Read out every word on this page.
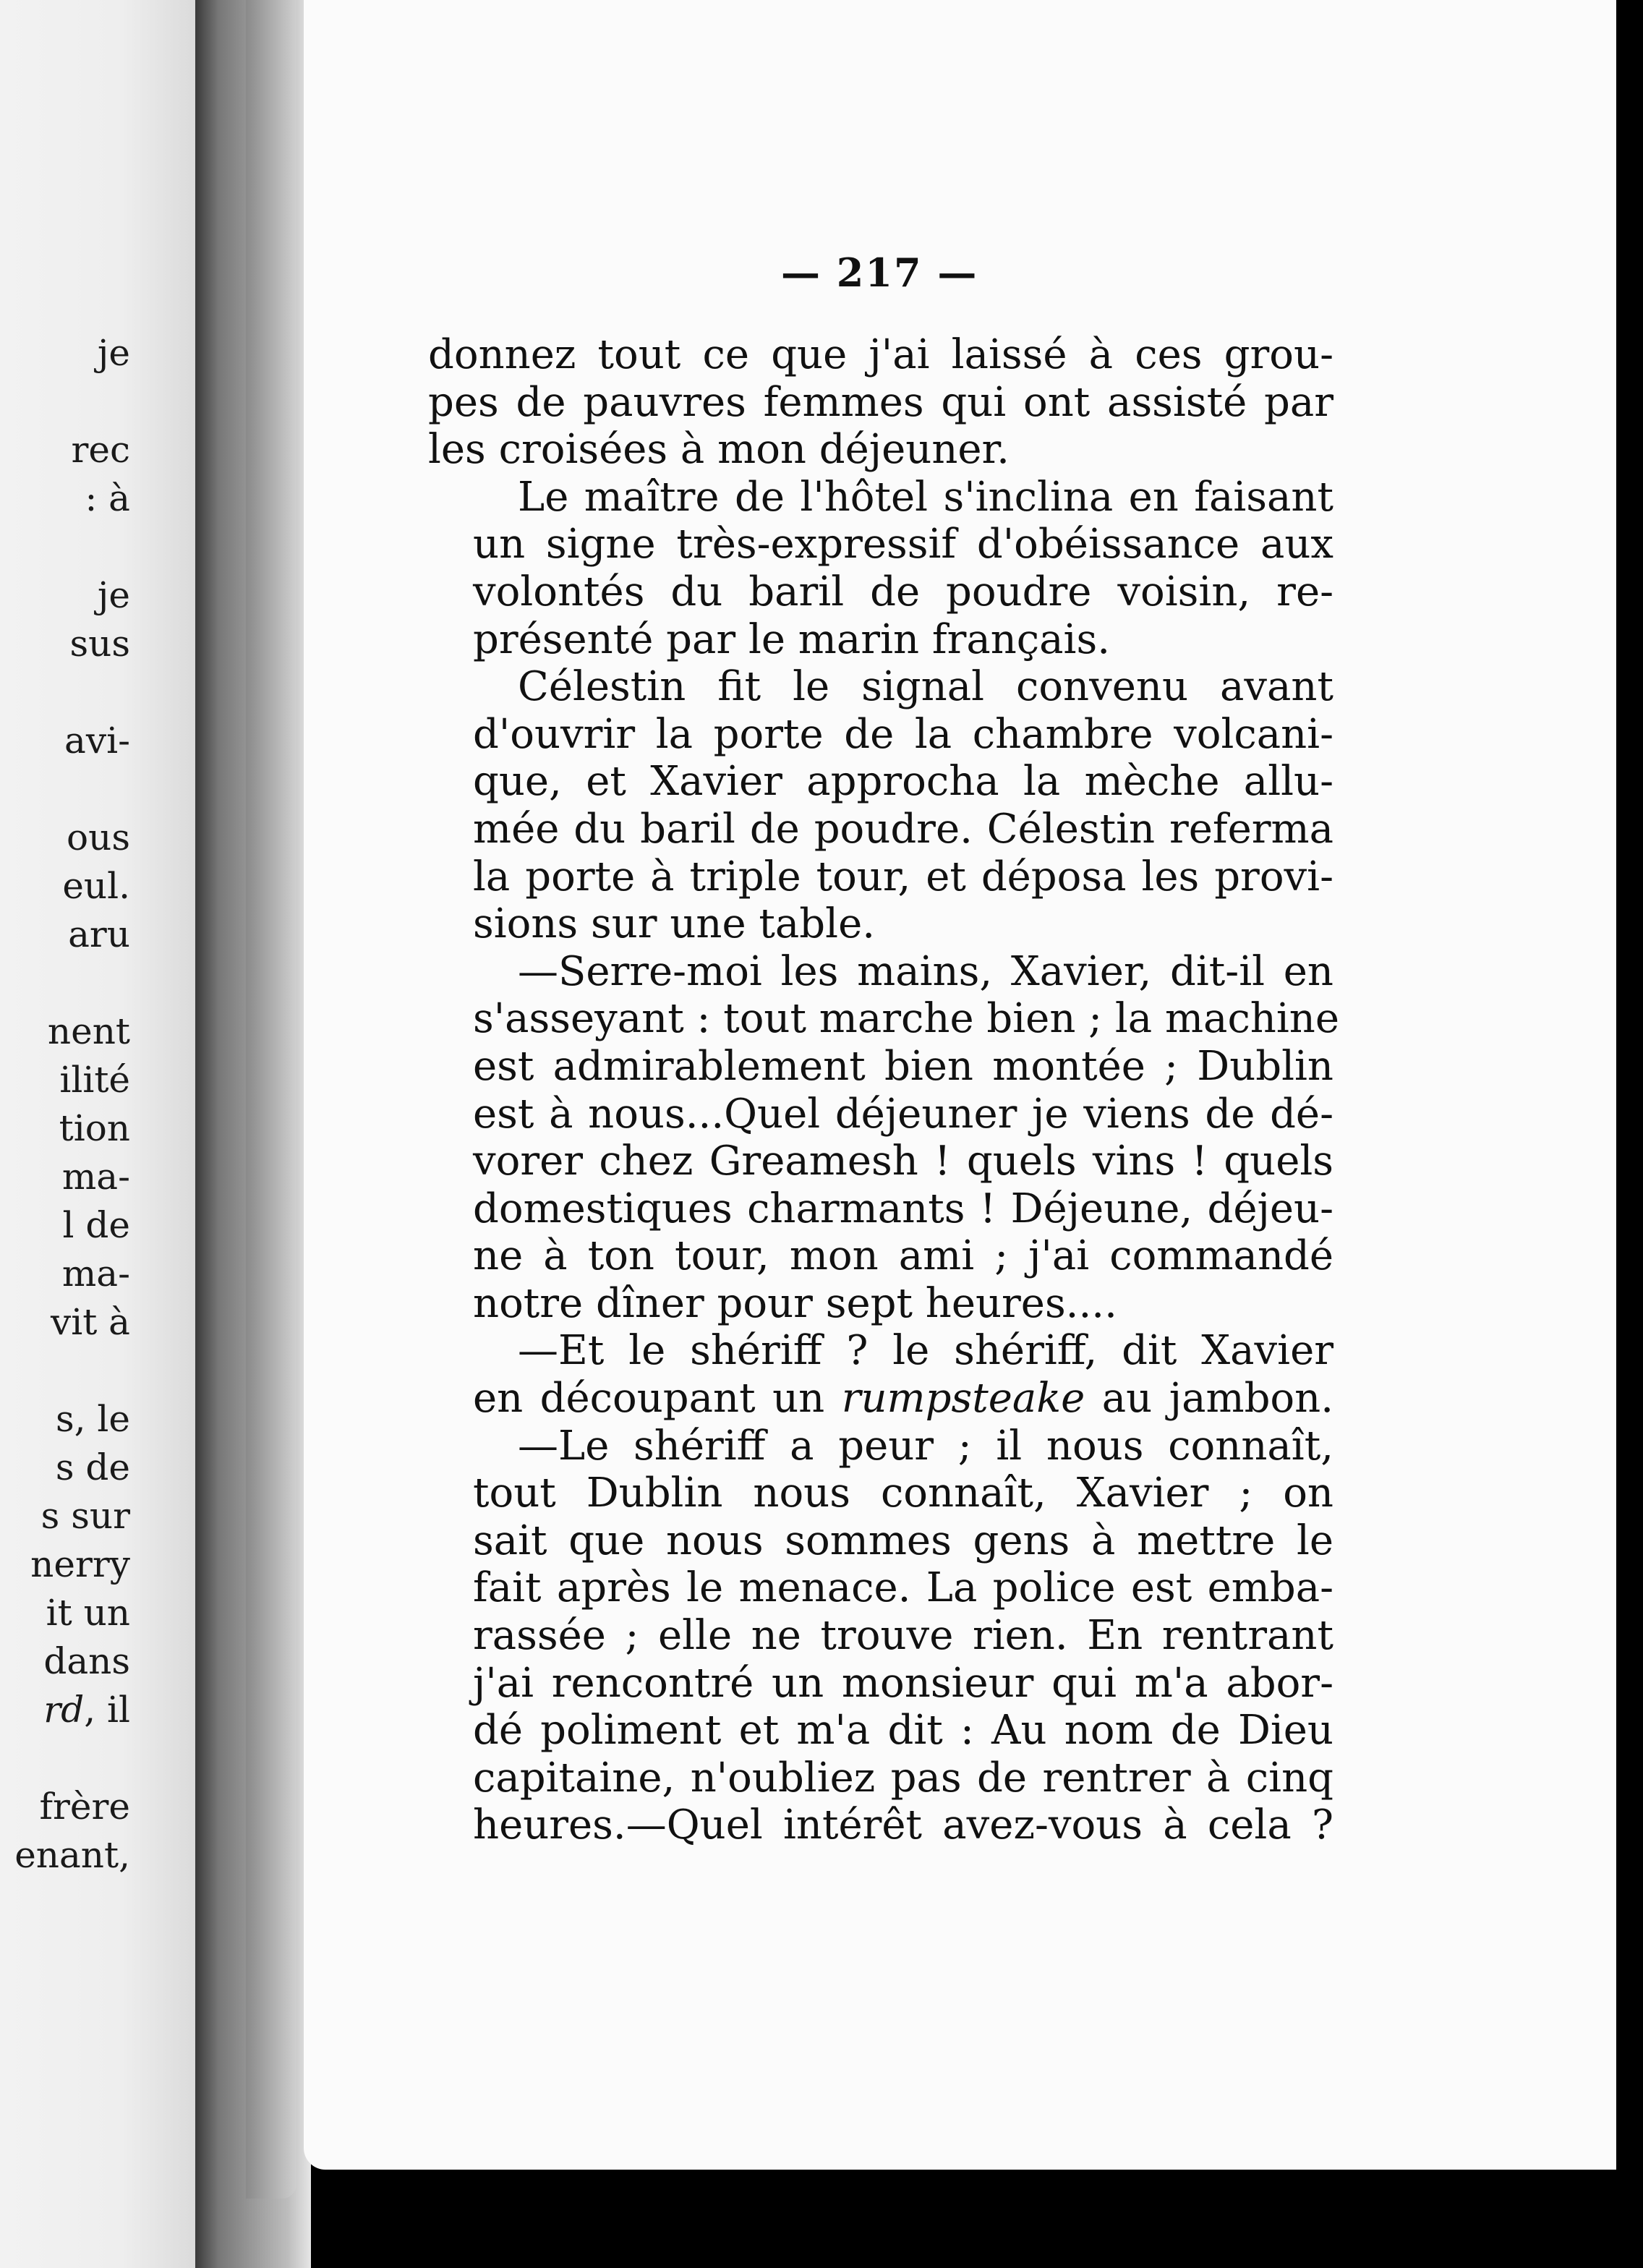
je
rec
: à
je
sus
avi-
ous
eul.
aru
nent
ilité
tion
ma-
l de
ma-
vit à
s, le
s de
s sur
nerry
it un
dans
rd, il
frère
enant,
— 217 —

donnez tout ce que j'ai laissé à ces grou-
pes de pauvres femmes qui ont assisté par
les croisées à mon déjeuner.

Le maître de l'hôtel s'inclina en faisant
un signe très-expressif d'obéissance aux
volontés du baril de poudre voisin, re-
présenté par le marin français.

Célestin fit le signal convenu avant
d'ouvrir la porte de la chambre volcani-
que, et Xavier approcha la mèche allu-
mée du baril de poudre. Célestin referma
la porte à triple tour, et déposa les provi-
sions sur une table.

—Serre-moi les mains, Xavier, dit-il en
s'asseyant : tout marche bien ; la machine
est admirablement bien montée ; Dublin
est à nous...Quel déjeuner je viens de dé-
vorer chez Greamesh ! quels vins ! quels
domestiques charmants ! Déjeune, déjeu-
ne à ton tour, mon ami ; j'ai commandé
notre dîner pour sept heures....

—Et le shériff ? le shériff, dit Xavier
en découpant un rumpsteake au jambon.

—Le shériff a peur ; il nous connaît,
tout Dublin nous connaît, Xavier ; on
sait que nous sommes gens à mettre le
fait après le menace. La police est emba-
rassée ; elle ne trouve rien. En rentrant
j'ai rencontré un monsieur qui m'a abor-
dé poliment et m'a dit : Au nom de Dieu
capitaine, n'oubliez pas de rentrer à cinq
heures.—Quel intérêt avez-vous à cela ?
